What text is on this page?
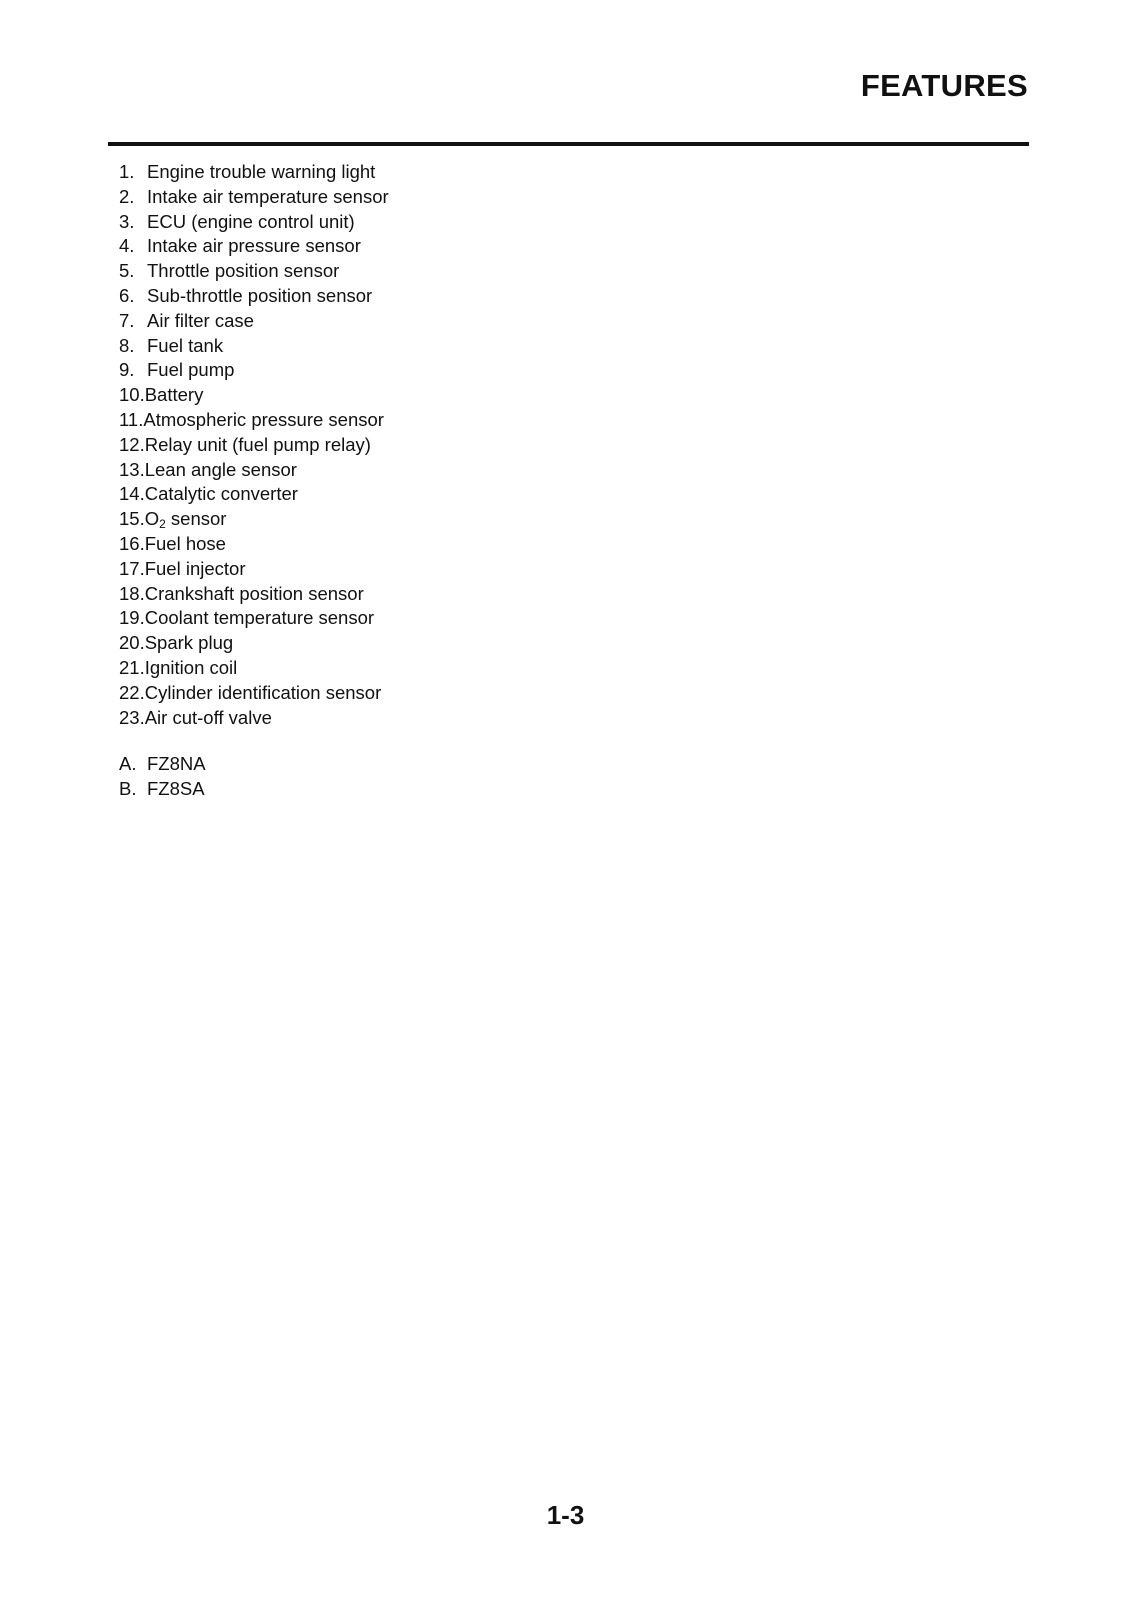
FEATURES
1. Engine trouble warning light
2. Intake air temperature sensor
3. ECU (engine control unit)
4. Intake air pressure sensor
5. Throttle position sensor
6. Sub-throttle position sensor
7. Air filter case
8. Fuel tank
9. Fuel pump
10.Battery
11.Atmospheric pressure sensor
12.Relay unit (fuel pump relay)
13.Lean angle sensor
14.Catalytic converter
$15.O_2$ sensor
16.Fuel hose
17.Fuel injector
18.Crankshaft position sensor
19.Coolant temperature sensor
20.Spark plug
21.Ignition coil
22.Cylinder identification sensor
23.Air cut-off valve
A. FZ8NA
B. FZ8SA
1-3
